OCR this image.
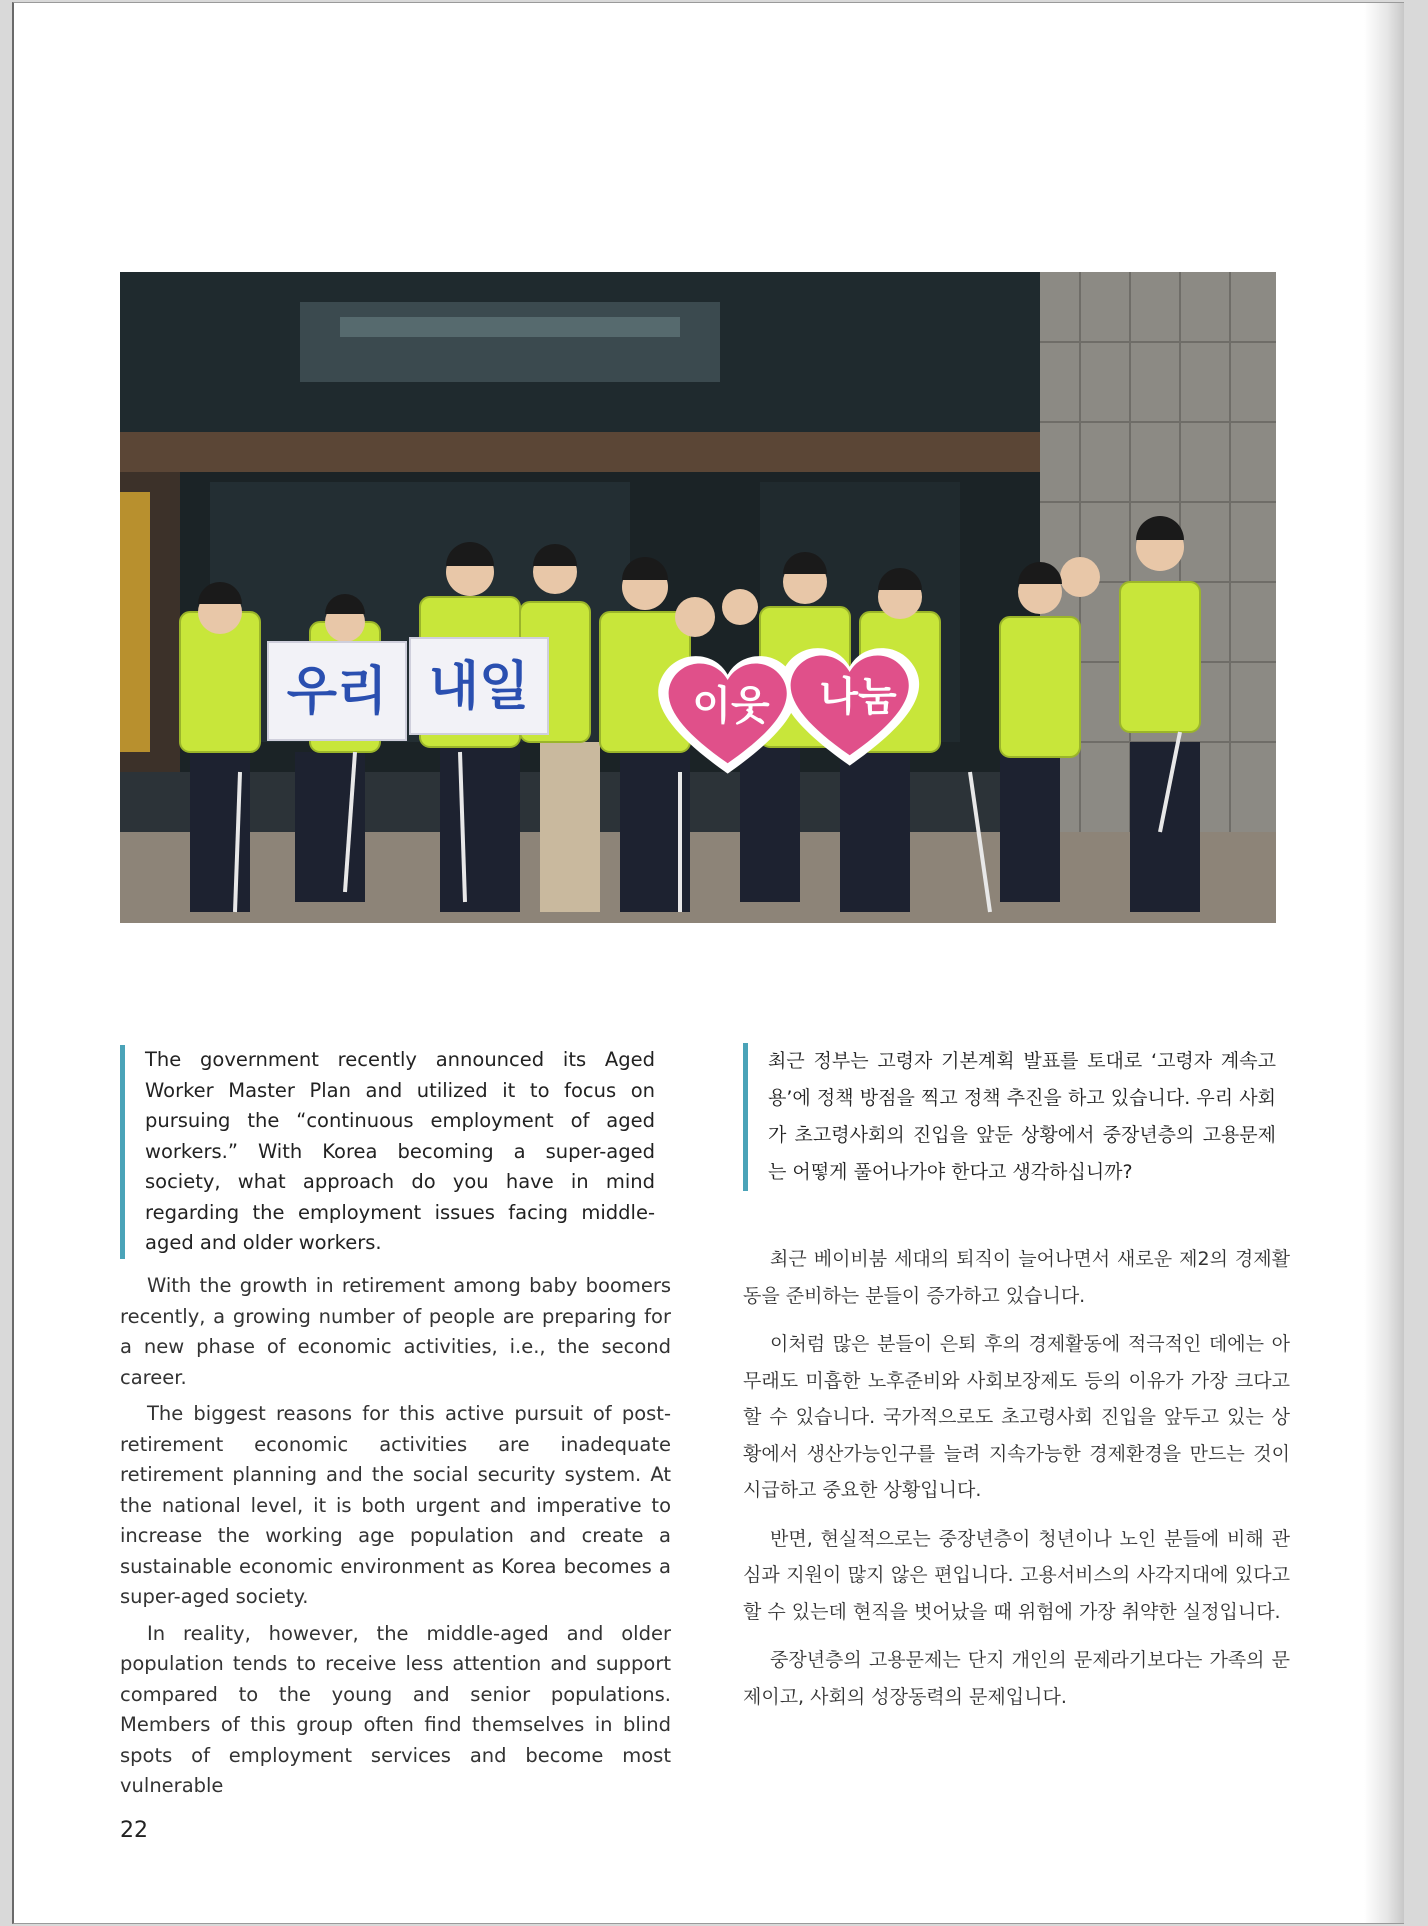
우리 내일	이웃 나눔
The government recently announced its Aged Worker Master Plan and utilized it to focus on pursuing the “continuous employment of aged workers.” With Korea becoming a super-aged society, what approach do you have in mind regarding the employment issues facing middle-aged and older workers.
최근 정부는 고령자 기본계획 발표를 토대로 ‘고령자 계속고용’에 정책 방점을 찍고 정책 추진을 하고 있습니다. 우리 사회가 초고령사회의 진입을 앞둔 상황에서 중장년층의 고용문제는 어떻게 풀어나가야 한다고 생각하십니까?

With the growth in retirement among baby boomers recently, a growing number of people are preparing for a new phase of economic activities, i.e., the second career.

The biggest reasons for this active pursuit of post-retirement economic activities are inadequate retirement planning and the social security system. At the national level, it is both urgent and imperative to increase the working age population and create a sustainable economic environment as Korea becomes a super-aged society.

In reality, however, the middle-aged and older population tends to receive less attention and support compared to the young and senior populations. Members of this group often find themselves in blind spots of employment services and become most vulnerable

최근 베이비붐 세대의 퇴직이 늘어나면서 새로운 제2의 경제활동을 준비하는 분들이 증가하고 있습니다.

이처럼 많은 분들이 은퇴 후의 경제활동에 적극적인 데에는 아무래도 미흡한 노후준비와 사회보장제도 등의 이유가 가장 크다고 할 수 있습니다. 국가적으로도 초고령사회 진입을 앞두고 있는 상황에서 생산가능인구를 늘려 지속가능한 경제환경을 만드는 것이 시급하고 중요한 상황입니다.

반면, 현실적으로는 중장년층이 청년이나 노인 분들에 비해 관심과 지원이 많지 않은 편입니다. 고용서비스의 사각지대에 있다고 할 수 있는데 현직을 벗어났을 때 위험에 가장 취약한 실정입니다.

중장년층의 고용문제는 단지 개인의 문제라기보다는 가족의 문제이고, 사회의 성장동력의 문제입니다.

22
